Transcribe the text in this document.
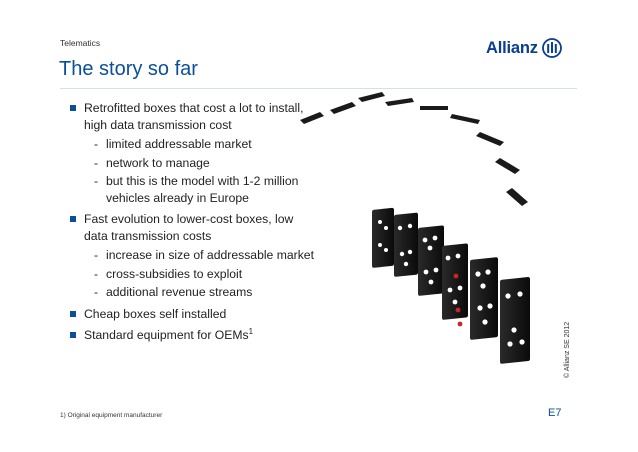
Telematics
The story so far
Allianz
Retrofitted boxes that cost a lot to install, high data transmission cost
- limited addressable market
- network to manage
- but this is the model with 1-2 million vehicles already in Europe
Fast evolution to lower-cost boxes, low data transmission costs
- increase in size of addressable market
- cross-subsidies to exploit
- additional revenue streams
Cheap boxes self installed
Standard equipment for OEMs$^1$	© Allianz SE 2012
1) Original equipment manufacturer	E7
